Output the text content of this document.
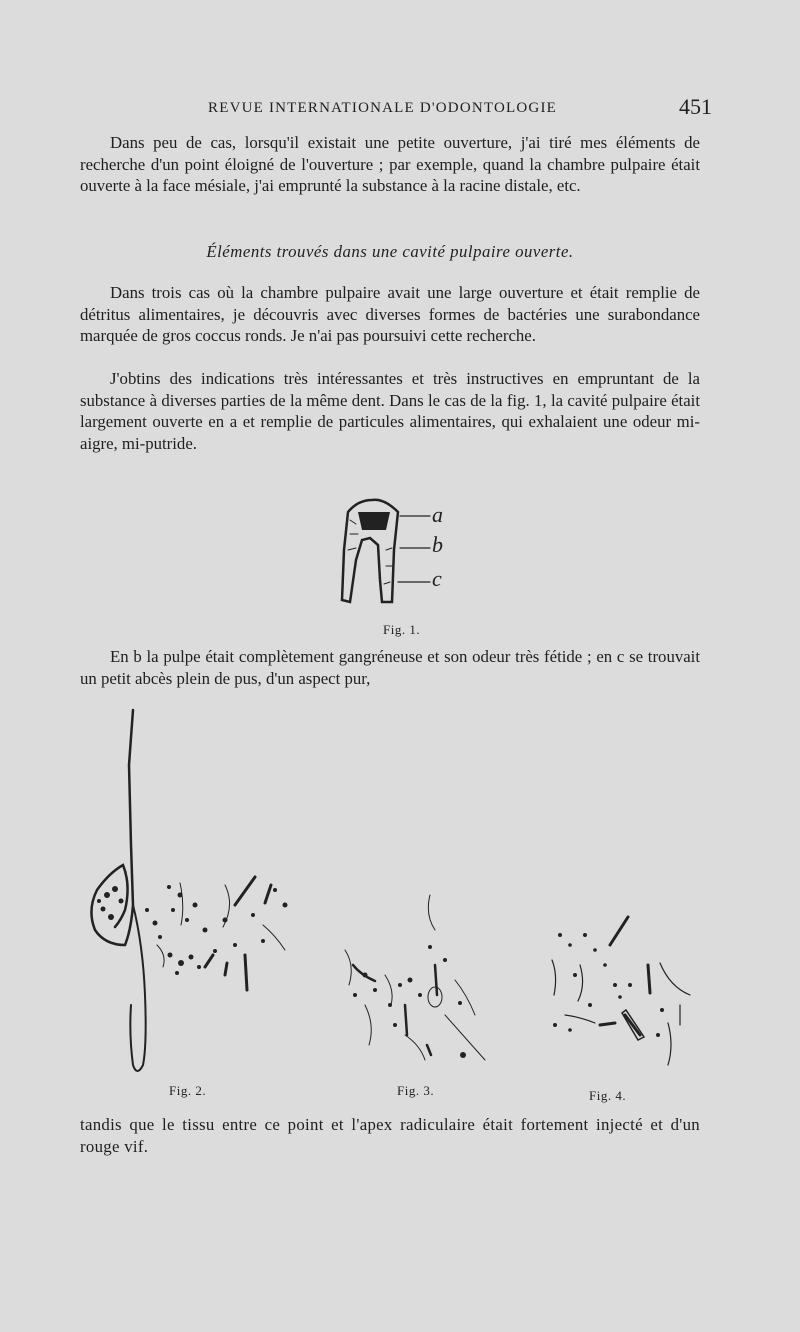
REVUE INTERNATIONALE D'ODONTOLOGIE	451

Dans peu de cas, lorsqu'il existait une petite ouverture, j'ai tiré mes éléments de recherche d'un point éloigné de l'ouverture ; par exemple, quand la chambre pulpaire était ouverte à la face mésiale, j'ai emprunté la substance à la racine distale, etc.

Éléments trouvés dans une cavité pulpaire ouverte.

Dans trois cas où la chambre pulpaire avait une large ouverture et était remplie de détritus alimentaires, je découvris avec diverses formes de bactéries une surabondance marquée de gros coccus ronds. Je n'ai pas poursuivi cette recherche.

J'obtins des indications très intéressantes et très instructives en empruntant de la substance à diverses parties de la même dent. Dans le cas de la fig. 1, la cavité pulpaire était largement ouverte en a et remplie de particules alimentaires, qui exhalaient une odeur mi-aigre, mi-putride.

a
b
c
Fig. 1.

En b la pulpe était complètement gangréneuse et son odeur très fétide ; en c se trouvait un petit abcès plein de pus, d'un aspect pur,

Fig. 2.	Fig. 3.	Fig. 4.

tandis que le tissu entre ce point et l'apex radiculaire était fortement injecté et d'un rouge vif.
